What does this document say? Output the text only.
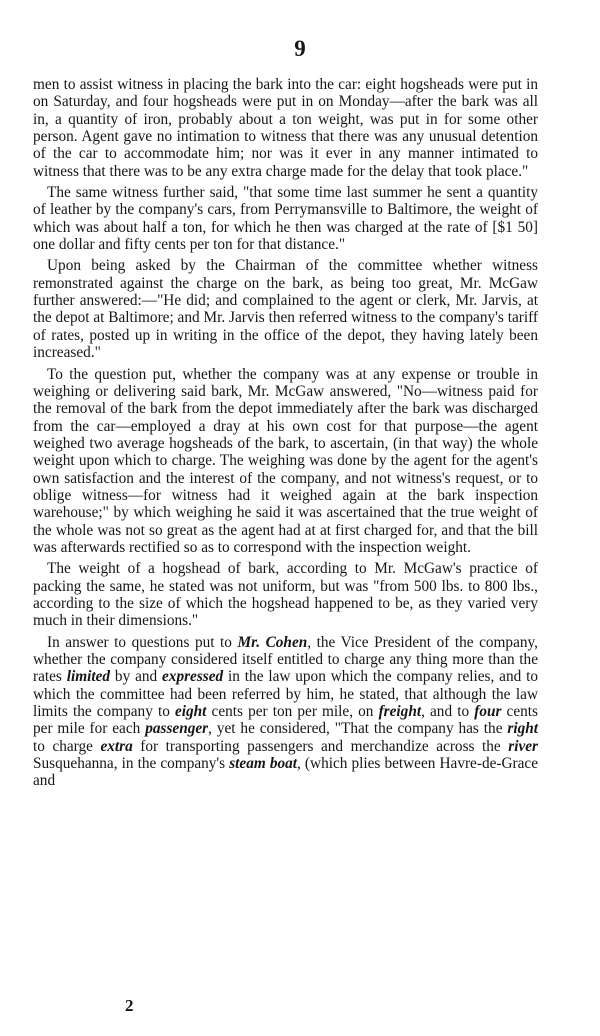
9

men to assist witness in placing the bark into the car: eight hogsheads were put in on Saturday, and four hogsheads were put in on Monday—after the bark was all in, a quantity of iron, probably about a ton weight, was put in for some other person. Agent gave no intimation to witness that there was any unusual detention of the car to accommodate him; nor was it ever in any manner intimated to witness that there was to be any extra charge made for the delay that took place."

The same witness further said, "that some time last summer he sent a quantity of leather by the company's cars, from Perrymansville to Baltimore, the weight of which was about half a ton, for which he then was charged at the rate of [$1 50] one dollar and fifty cents per ton for that distance."

Upon being asked by the Chairman of the committee whether witness remonstrated against the charge on the bark, as being too great, Mr. McGaw further answered:—"He did; and complained to the agent or clerk, Mr. Jarvis, at the depot at Baltimore; and Mr. Jarvis then referred witness to the company's tariff of rates, posted up in writing in the office of the depot, they having lately been increased."

To the question put, whether the company was at any expense or trouble in weighing or delivering said bark, Mr. McGaw answered, "No—witness paid for the removal of the bark from the depot immediately after the bark was discharged from the car—employed a dray at his own cost for that purpose—the agent weighed two average hogsheads of the bark, to ascertain, (in that way) the whole weight upon which to charge. The weighing was done by the agent for the agent's own satisfaction and the interest of the company, and not witness's request, or to oblige witness—for witness had it weighed again at the bark inspection warehouse;" by which weighing he said it was ascertained that the true weight of the whole was not so great as the agent had at at first charged for, and that the bill was afterwards rectified so as to correspond with the inspection weight.

The weight of a hogshead of bark, according to Mr. McGaw's practice of packing the same, he stated was not uniform, but was "from 500 lbs. to 800 lbs., according to the size of which the hogshead happened to be, as they varied very much in their dimensions."

In answer to questions put to Mr. Cohen, the Vice President of the company, whether the company considered itself entitled to charge any thing more than the rates limited by and expressed in the law upon which the company relies, and to which the committee had been referred by him, he stated, that although the law limits the company to eight cents per ton per mile, on freight, and to four cents per mile for each passenger, yet he considered, "That the company has the right to charge extra for transporting passengers and merchandize across the river Susquehanna, in the company's steam boat, (which plies between Havre-de-Grace and

2
